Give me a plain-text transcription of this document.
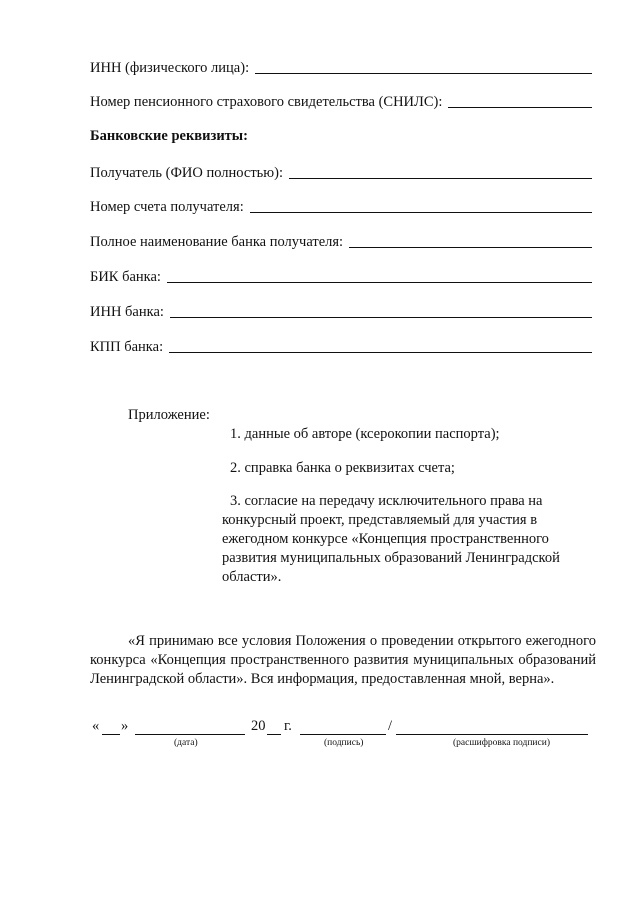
ИНН (физического лица):
Номер пенсионного страхового свидетельства (СНИЛС):
Банковские реквизиты:
Получатель (ФИО полностью):
Номер счета получателя:
Полное наименование банка получателя:
БИК банка:
ИНН банка:
КПП банка:
Приложение:
1. данные об авторе (ксерокопии паспорта);
2. справка банка о реквизитах счета;
3. согласие на передачу исключительного права на
конкурсный проект, представляемый для участия в
ежегодном конкурсе «Концепция пространственного
развития муниципальных образований Ленинградской
области».
«Я принимаю все условия Положения о проведении открытого ежегодного конкурса «Концепция пространственного развития муниципальных образований Ленинградской области». Вся информация, предоставленная мной, верна».
« »	20 г.	/
(дата)	(подпись)	(расшифровка подписи)
